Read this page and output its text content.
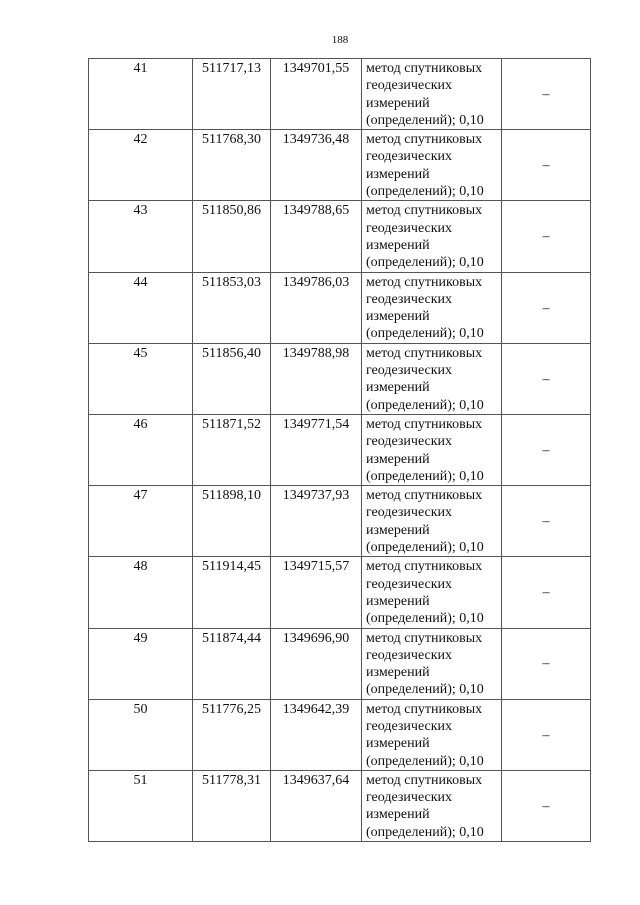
188
41	511717,13	1349701,55	метод спутниковых геодезических измерений (определений); 0,10	–
42	511768,30	1349736,48	метод спутниковых геодезических измерений (определений); 0,10	–
43	511850,86	1349788,65	метод спутниковых геодезических измерений (определений); 0,10	–
44	511853,03	1349786,03	метод спутниковых геодезических измерений (определений); 0,10	–
45	511856,40	1349788,98	метод спутниковых геодезических измерений (определений); 0,10	–
46	511871,52	1349771,54	метод спутниковых геодезических измерений (определений); 0,10	–
47	511898,10	1349737,93	метод спутниковых геодезических измерений (определений); 0,10	–
48	511914,45	1349715,57	метод спутниковых геодезических измерений (определений); 0,10	–
49	511874,44	1349696,90	метод спутниковых геодезических измерений (определений); 0,10	–
50	511776,25	1349642,39	метод спутниковых геодезических измерений (определений); 0,10	–
51	511778,31	1349637,64	метод спутниковых геодезических измерений (определений); 0,10	–
